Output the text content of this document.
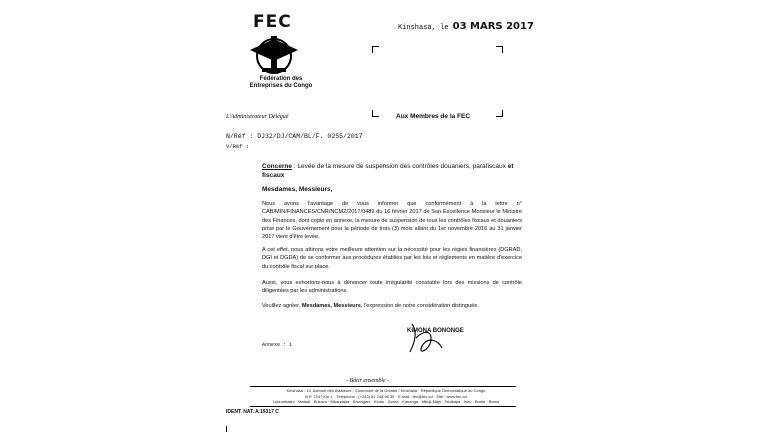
FEC
Fédération des
Entreprises du Congo
Kinshasa, le 03 MARS 2017
L'Administrateur Délégué	Aux Membres de la FEC
N/Réf : DJ32/DJ/CAM/BL/F. 0255/2017
V/Réf :
Concerne : Levée de la mesure de suspension des contrôles douaniers, parafiscaux et fiscaux
Mesdames, Messieurs,
Nous avons l'avantage de vous informer que conformément à la lettre n° CAB/MIN/FINANCES/CNR/NCMZ/2017/0489 du 16 février 2017 de Son Excellence Monsieur le Ministre des Finances, dont copie en annexe, la mesure de suspension de tous les contrôles fiscaux et douaniers prise par le Gouvernement pour la période de trois (3) mois allant du 1er novembre 2016 au 31 janvier 2017 vient d'être levée.
A cet effet, nous attirons votre meilleure attention sur la nécessité pour les régies financières (DGRAD, DGI et DGDA) de se conformer aux procédures établies par les lois et règlements en matière d'exercice du contrôle fiscal sur place.
Aussi, vous exhortons-nous à dénoncer toute irrégularité constatée lors des missions de contrôle diligentées par les administrations.
Veuillez agréer, Mesdames, Messieurs, l'expression de notre considération distinguée.
KIMONA BONONGE
Annexe : 1
- Bâtir ensemble -
Kinshasa : 10, Avenue des Aviateurs - Commune de la Gombe / Kinshasa · République Démocratique du Congo
B.P. 7247 Kin 1 · Téléphone : (+243) 81 248 98 39 · E-mail : fec@fec.cd · Site : www.fec.cd
Lubumbashi · Matadi · Bukavu · Mbandaka · Kisangani · Kindu · Goma · Kananga · Mbuji-Mayi · Tshikapa · Isiro · Bunia · Boma
IDENT. NAT. A 19317 C
